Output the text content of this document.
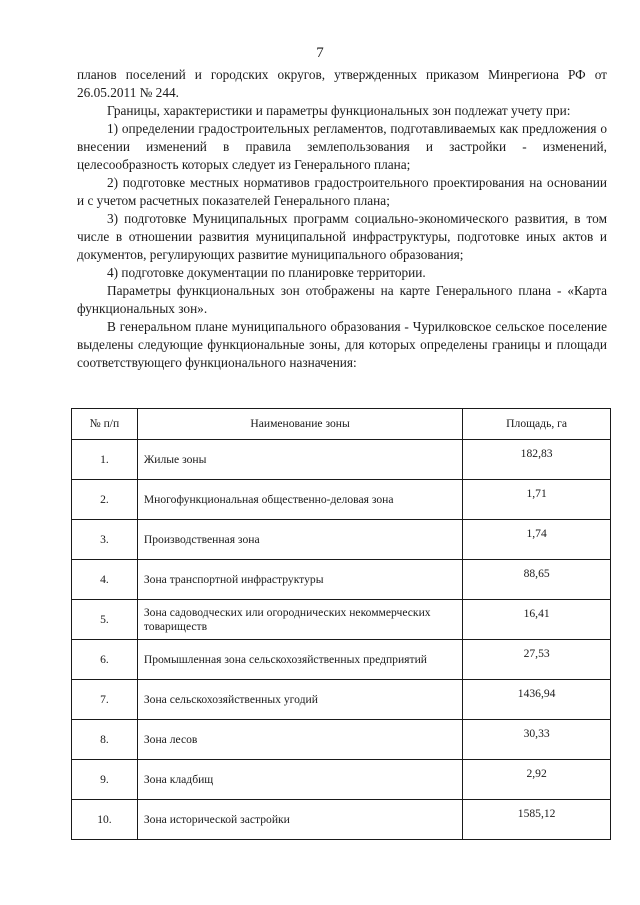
7

планов поселений и городских округов, утвержденных приказом Минрегиона РФ от 26.05.2011 № 244.

Границы, характеристики и параметры функциональных зон подлежат учету при:

1) определении градостроительных регламентов, подготавливаемых как предложения о внесении изменений в правила землепользования и застройки - изменений, целесообразность которых следует из Генерального плана;

2) подготовке местных нормативов градостроительного проектирования на основании и с учетом расчетных показателей Генерального плана;

3) подготовке Муниципальных программ социально-экономического развития, в том числе в отношении развития муниципальной инфраструктуры, подготовке иных актов и документов, регулирующих развитие муниципального образования;

4) подготовке документации по планировке территории.

Параметры функциональных зон отображены на карте Генерального плана - «Карта функциональных зон».

В генеральном плане муниципального образования - Чурилковское сельское поселение выделены следующие функциональные зоны, для которых определены границы и площади соответствующего функционального назначения:

№ п/п	Наименование зоны	Площадь, га
1.	Жилые зоны	182,83
2.	Многофункциональная общественно-деловая зона	1,71
3.	Производственная зона	1,74
4.	Зона транспортной инфраструктуры	88,65
5.	Зона садоводческих или огороднических некоммерческих товариществ	16,41
6.	Промышленная зона сельскохозяйственных предприятий	27,53
7.	Зона сельскохозяйственных угодий	1436,94
8.	Зона лесов	30,33
9.	Зона кладбищ	2,92
10.	Зона исторической застройки	1585,12
